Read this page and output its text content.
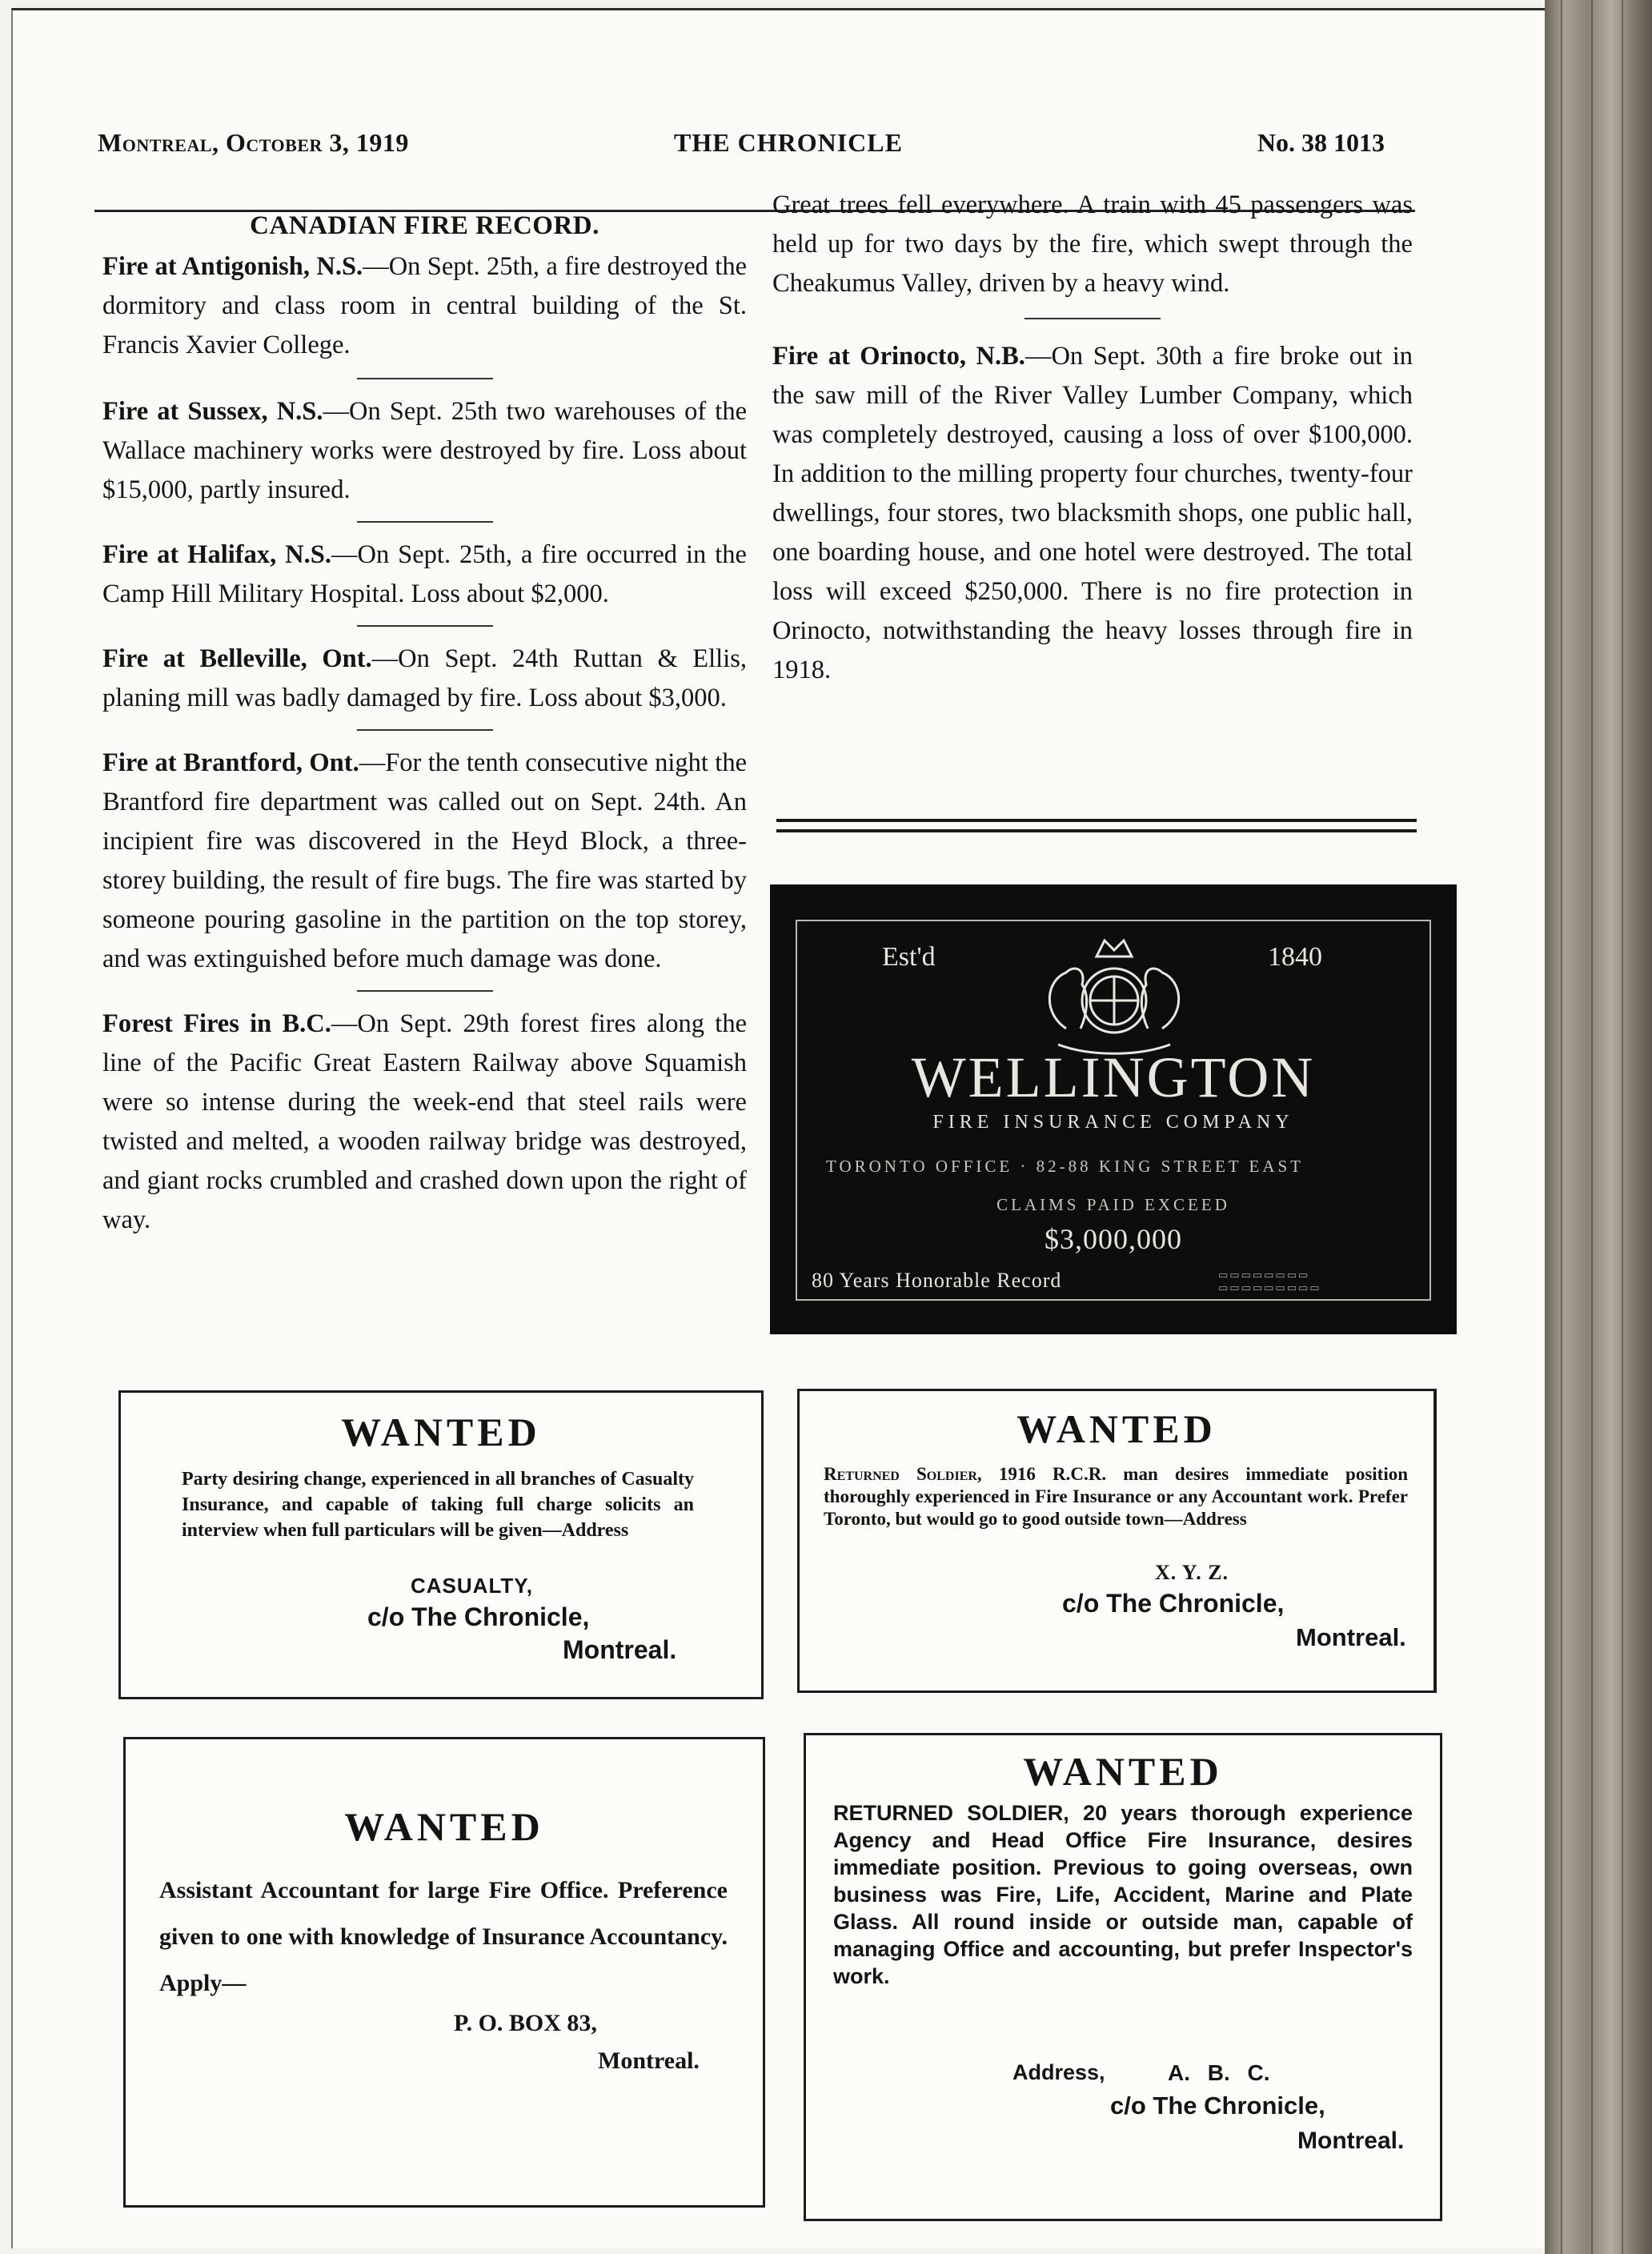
Montreal, October 3, 1919	THE CHRONICLE	No. 38 1013

CANADIAN FIRE RECORD.

Fire at Antigonish, N.S.—On Sept. 25th, a fire destroyed the dormitory and class room in central building of the St. Francis Xavier College.

Fire at Sussex, N.S.—On Sept. 25th two warehouses of the Wallace machinery works were destroyed by fire. Loss about $15,000, partly insured.

Fire at Halifax, N.S.—On Sept. 25th, a fire occurred in the Camp Hill Military Hospital. Loss about $2,000.

Fire at Belleville, Ont.—On Sept. 24th Ruttan & Ellis, planing mill was badly damaged by fire. Loss about $3,000.

Fire at Brantford, Ont.—For the tenth consecutive night the Brantford fire department was called out on Sept. 24th. An incipient fire was discovered in the Heyd Block, a three-storey building, the result of fire bugs. The fire was started by someone pouring gasoline in the partition on the top storey, and was extinguished before much damage was done.

Forest Fires in B.C.—On Sept. 29th forest fires along the line of the Pacific Great Eastern Railway above Squamish were so intense during the week-end that steel rails were twisted and melted, a wooden railway bridge was destroyed, and giant rocks crumbled and crashed down upon the right of way.

Great trees fell everywhere. A train with 45 passengers was held up for two days by the fire, which swept through the Cheakumus Valley, driven by a heavy wind.

Fire at Orinocto, N.B.—On Sept. 30th a fire broke out in the saw mill of the River Valley Lumber Company, which was completely destroyed, causing a loss of over $100,000. In addition to the milling property four churches, twenty-four dwellings, four stores, two blacksmith shops, one public hall, one boarding house, and one hotel were destroyed. The total loss will exceed $250,000. There is no fire protection in Orinocto, notwithstanding the heavy losses through fire in 1918.

Est'd	1840
WELLINGTON
FIRE INSURANCE COMPANY
TORONTO OFFICE · 82-88 KING STREET EAST
CLAIMS PAID EXCEED
$3,000,000
80 Years Honorable Record	▭▭▭▭▭▭▭▭
▭▭▭▭▭▭▭▭▭
WANTED
Party desiring change, experienced in all branches of Casualty Insurance, and capable of taking full charge solicits an interview when full particulars will be given—Address
CASUALTY,
c/o The Chronicle,
Montreal.
WANTED
Returned Soldier, 1916 R.C.R. man desires immediate position thoroughly experienced in Fire Insurance or any Accountant work. Prefer Toronto, but would go to good outside town—Address
X. Y. Z.
c/o The Chronicle,
Montreal.
WANTED
Assistant Accountant for large Fire Office. Preference given to one with knowledge of Insurance Accountancy. Apply—
P. O. BOX 83,
Montreal.
WANTED
RETURNED SOLDIER, 20 years thorough experience Agency and Head Office Fire Insurance, desires immediate position. Previous to going overseas, own business was Fire, Life, Accident, Marine and Plate Glass. All round inside or outside man, capable of managing Office and accounting, but prefer Inspector's work.
Address,	A. B. C.
c/o The Chronicle,
Montreal.
